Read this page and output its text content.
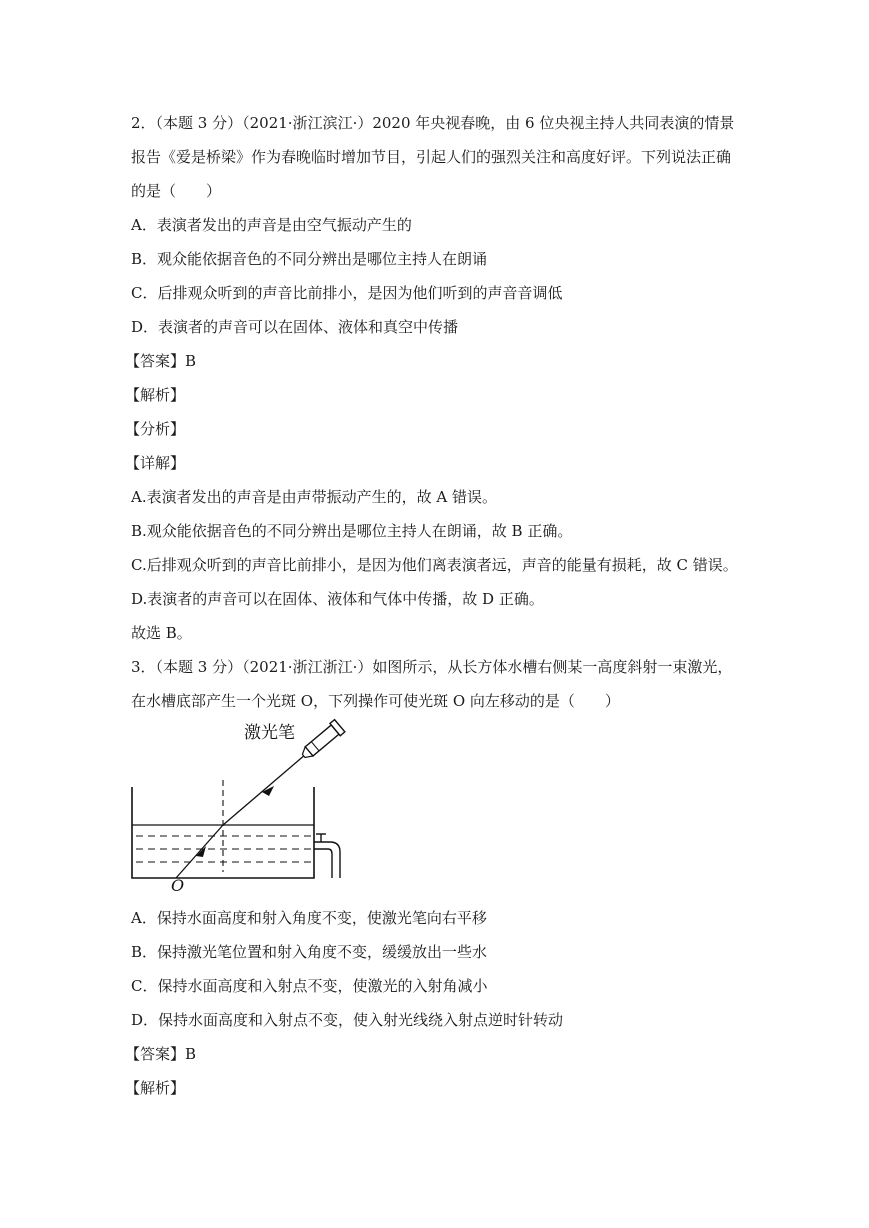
2．（本题 3 分）（2021·浙江滨江·）2020 年央视春晚，由 6 位央视主持人共同表演的情景
报告《爱是桥梁》作为春晚临时增加节目，引起人们的强烈关注和高度好评。下列说法正确
的是（　　）
A．表演者发出的声音是由空气振动产生的
B．观众能依据音色的不同分辨出是哪位主持人在朗诵
C．后排观众听到的声音比前排小，是因为他们听到的声音音调低
D．表演者的声音可以在固体、液体和真空中传播
【答案】B
【解析】
【分析】
【详解】
A.表演者发出的声音是由声带振动产生的，故 A 错误。
B.观众能依据音色的不同分辨出是哪位主持人在朗诵，故 B 正确。
C.后排观众听到的声音比前排小，是因为他们离表演者远，声音的能量有损耗，故 C 错误。
D.表演者的声音可以在固体、液体和气体中传播，故 D 正确。
故选 B。
3．（本题 3 分）（2021·浙江浙江·）如图所示，从长方体水槽右侧某一高度斜射一束激光，
在水槽底部产生一个光斑 O，下列操作可使光斑 O 向左移动的是（　　）
激光笔
O
A．保持水面高度和射入角度不变，使激光笔向右平移
B．保持激光笔位置和射入角度不变，缓缓放出一些水
C．保持水面高度和入射点不变，使激光的入射角减小
D．保持水面高度和入射点不变，使入射光线绕入射点逆时针转动
【答案】B
【解析】
